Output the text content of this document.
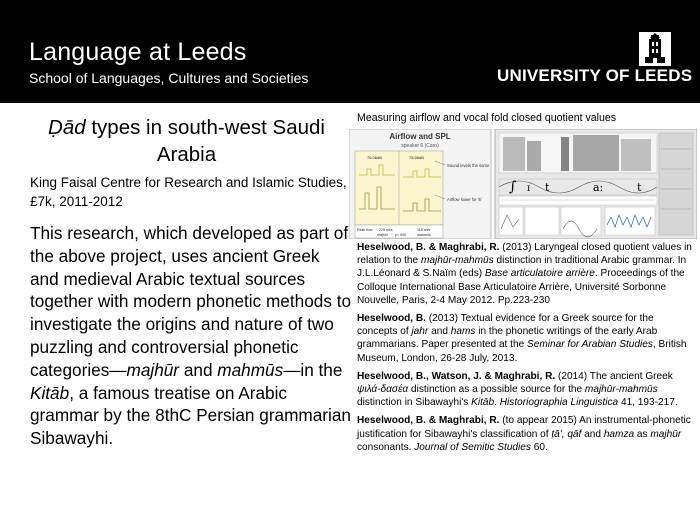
Language at Leeds
School of Languages, Cultures and Societies	UNIVERSITY OF LEEDS
Ḍād types in south-west Saudi
Arabia
King Faisal Centre for Research and Islamic Studies, £7k, 2011-2012
This research, which developed as part of the above project, uses ancient Greek and medieval Arabic textual sources together with modern phonetic methods to investigate the origins and nature of two puzzling and controversial phonetic categories—majhūr and mahmūs—in the Kitāb, a famous treatise on Arabic grammar by the 8thC Persian grammarian Sibawayhi.
Measuring airflow and vocal fold closed quotient values
Airflow and SPL
speaker 6 (Caro)
76.06dB	75.96dB
Peak flow 225 ml/s	115 ml/s
majhūr p<.000	mahmūs
Sound levels the same
Airflow lower for /t/
∫ ɪ t	a:	t
Heselwood, B. & Maghrabi, R. (2013) Laryngeal closed quotient values in relation to the majhūr-mahmūs distinction in traditional Arabic grammar. In J.L.Léonard & S.Naïm (eds) Base articulatoire arrière. Proceedings of the Colloque International Base Articulatoire Arrière, Université Sorbonne Nouvelle, Paris, 2-4 May 2012. Pp.223-230
Heselwood, B. (2013) Textual evidence for a Greek source for the concepts of jahr and hams in the phonetic writings of the early Arab grammarians. Paper presented at the Seminar for Arabian Studies, British Museum, London, 26-28 July, 2013.
Heselwood, B., Watson, J. & Maghrabi, R. (2014) The ancient Greek ψιλά-δασέα distinction as a possible source for the majhūr-mahmūs distinction in Sibawayhi's Kitāb. Historiographia Linguistica 41, 193-217.
Heselwood, B. & Maghrabi, R. (to appear 2015) An instrumental-phonetic justification for Sibawayhi's classification of ṭā', qāf and hamza as majhūr consonants. Journal of Semitic Studies 60.
